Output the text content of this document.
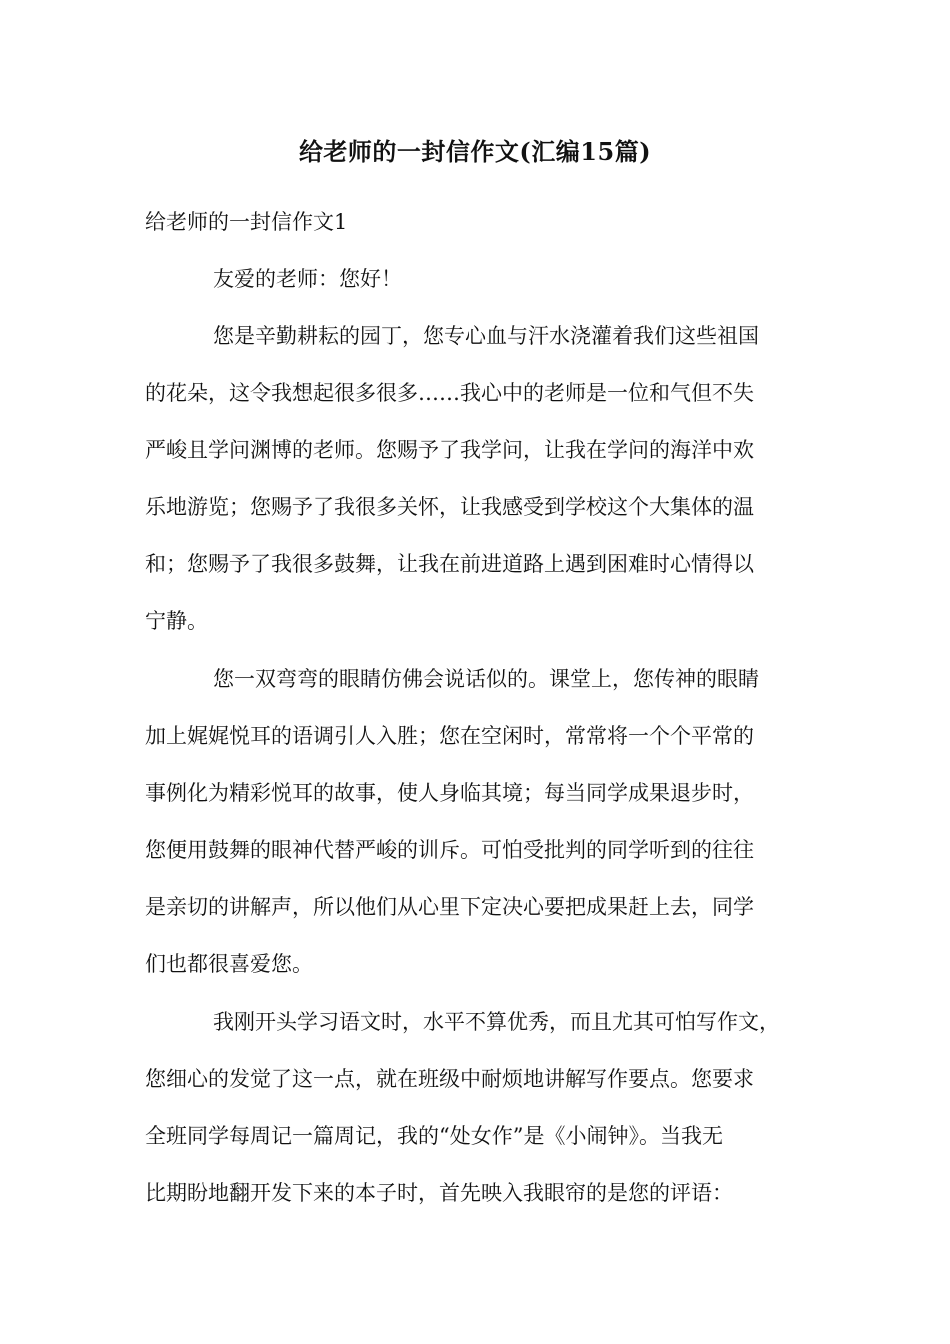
给老师的一封信作文(汇编15篇)
给老师的一封信作文1
友爱的老师：您好！
您是辛勤耕耘的园丁，您专心血与汗水浇灌着我们这些祖国
的花朵，这令我想起很多很多……我心中的老师是一位和气但不失
严峻且学问渊博的老师。您赐予了我学问，让我在学问的海洋中欢
乐地游览；您赐予了我很多关怀，让我感受到学校这个大集体的温
和；您赐予了我很多鼓舞，让我在前进道路上遇到困难时心情得以
宁静。
您一双弯弯的眼睛仿佛会说话似的。课堂上，您传神的眼睛
加上娓娓悦耳的语调引人入胜；您在空闲时，常常将一个个平常的
事例化为精彩悦耳的故事，使人身临其境；每当同学成果退步时，
您便用鼓舞的眼神代替严峻的训斥。可怕受批判的同学听到的往往
是亲切的讲解声，所以他们从心里下定决心要把成果赶上去，同学
们也都很喜爱您。
我刚开头学习语文时，水平不算优秀，而且尤其可怕写作文，
您细心的发觉了这一点，就在班级中耐烦地讲解写作要点。您要求
全班同学每周记一篇周记，我的“处女作”是《小闹钟》。当我无
比期盼地翻开发下来的本子时，首先映入我眼帘的是您的评语：
